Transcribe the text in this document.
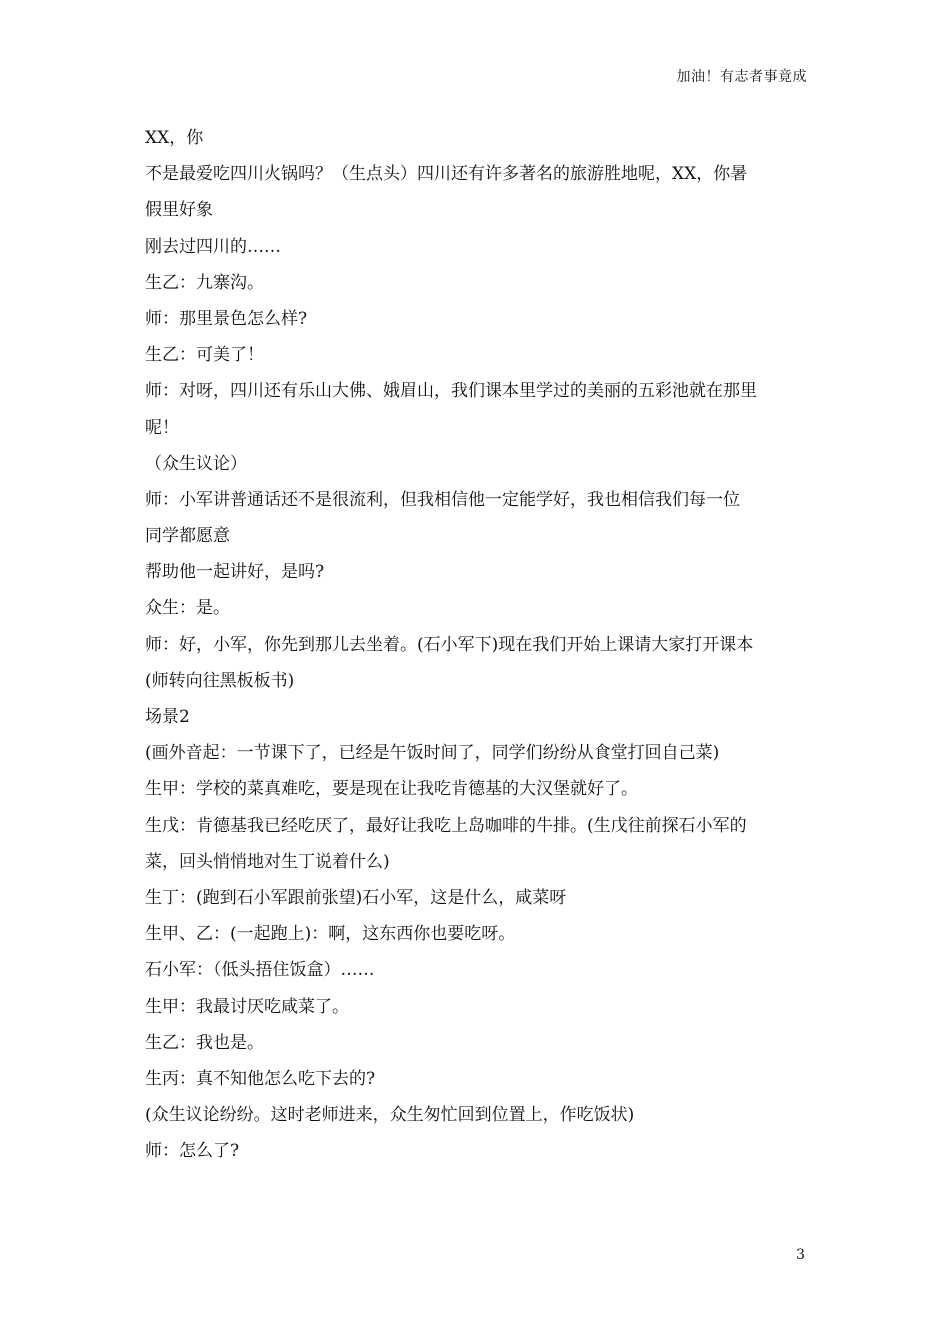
加油！有志者事竟成
XX，你
不是最爱吃四川火锅吗？（生点头）四川还有许多著名的旅游胜地呢，XX，你暑
假里好象
刚去过四川的……
生乙：九寨沟。
师：那里景色怎么样?
生乙：可美了！
师：对呀，四川还有乐山大佛、娥眉山，我们课本里学过的美丽的五彩池就在那里
呢！
（众生议论）
师：小军讲普通话还不是很流利，但我相信他一定能学好，我也相信我们每一位
同学都愿意
帮助他一起讲好，是吗?
众生：是。
师：好，小军，你先到那儿去坐着。(石小军下)现在我们开始上课请大家打开课本
(师转向往黑板板书)
场景2
(画外音起：一节课下了，已经是午饭时间了，同学们纷纷从食堂打回自己菜)
生甲：学校的菜真难吃，要是现在让我吃肯德基的大汉堡就好了。
生戊：肯德基我已经吃厌了，最好让我吃上岛咖啡的牛排。(生戊往前探石小军的
菜，回头悄悄地对生丁说着什么)
生丁：(跑到石小军跟前张望)石小军，这是什么，咸菜呀
生甲、乙：(一起跑上)：啊，这东西你也要吃呀。
石小军：（低头捂住饭盒）……
生甲：我最讨厌吃咸菜了。
生乙：我也是。
生丙：真不知他怎么吃下去的?
(众生议论纷纷。这时老师进来，众生匆忙回到位置上，作吃饭状)
师：怎么了?
3
